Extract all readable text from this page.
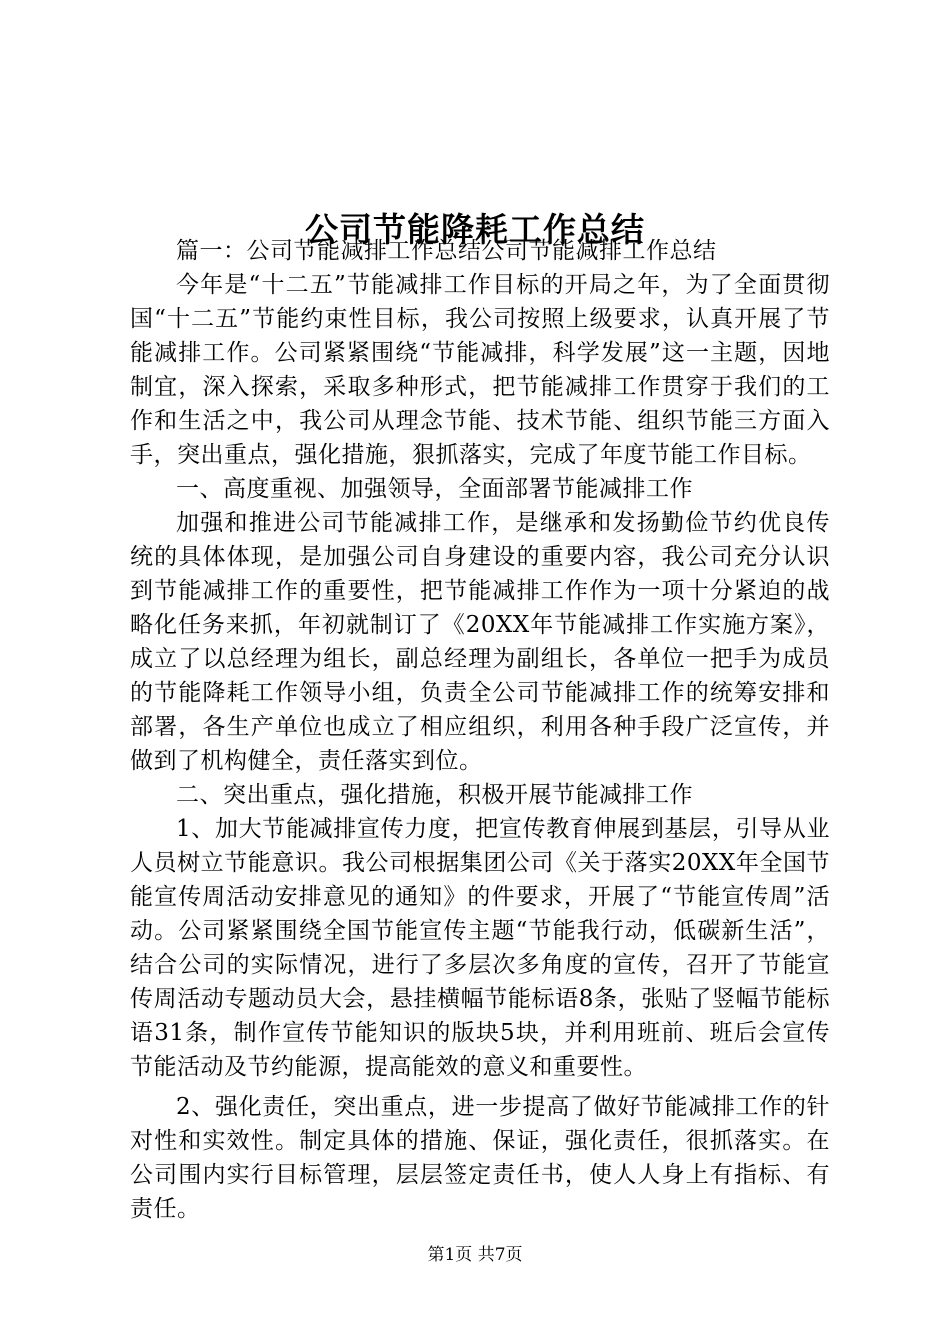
公司节能降耗工作总结

篇一：公司节能减排工作总结公司节能减排工作总结

今年是“十二五”节能减排工作目标的开局之年，为了全面贯彻国“十二五”节能约束性目标，我公司按照上级要求，认真开展了节能减排工作。公司紧紧围绕“节能减排，科学发展”这一主题，因地制宜，深入探索，采取多种形式，把节能减排工作贯穿于我们的工作和生活之中，我公司从理念节能、技术节能、组织节能三方面入手，突出重点，强化措施，狠抓落实，完成了年度节能工作目标。

一、高度重视、加强领导，全面部署节能减排工作

加强和推进公司节能减排工作，是继承和发扬勤俭节约优良传统的具体体现，是加强公司自身建设的重要内容，我公司充分认识到节能减排工作的重要性，把节能减排工作作为一项十分紧迫的战略化任务来抓，年初就制订了《20XX年节能减排工作实施方案》，成立了以总经理为组长，副总经理为副组长，各单位一把手为成员的节能降耗工作领导小组，负责全公司节能减排工作的统筹安排和部署，各生产单位也成立了相应组织，利用各种手段广泛宣传，并做到了机构健全，责任落实到位。

二、突出重点，强化措施，积极开展节能减排工作

1、加大节能减排宣传力度，把宣传教育伸展到基层，引导从业人员树立节能意识。我公司根据集团公司《关于落实20XX年全国节能宣传周活动安排意见的通知》的件要求，开展了“节能宣传周”活动。公司紧紧围绕全国节能宣传主题“节能我行动，低碳新生活”，结合公司的实际情况，进行了多层次多角度的宣传，召开了节能宣传周活动专题动员大会，悬挂横幅节能标语8条，张贴了竖幅节能标语31条，制作宣传节能知识的版块5块，并利用班前、班后会宣传节能活动及节约能源，提高能效的意义和重要性。

2、强化责任，突出重点，进一步提高了做好节能减排工作的针对性和实效性。制定具体的措施、保证，强化责任，很抓落实。在公司围内实行目标管理，层层签定责任书，使人人身上有指标、有责任。

第1页 共7页
